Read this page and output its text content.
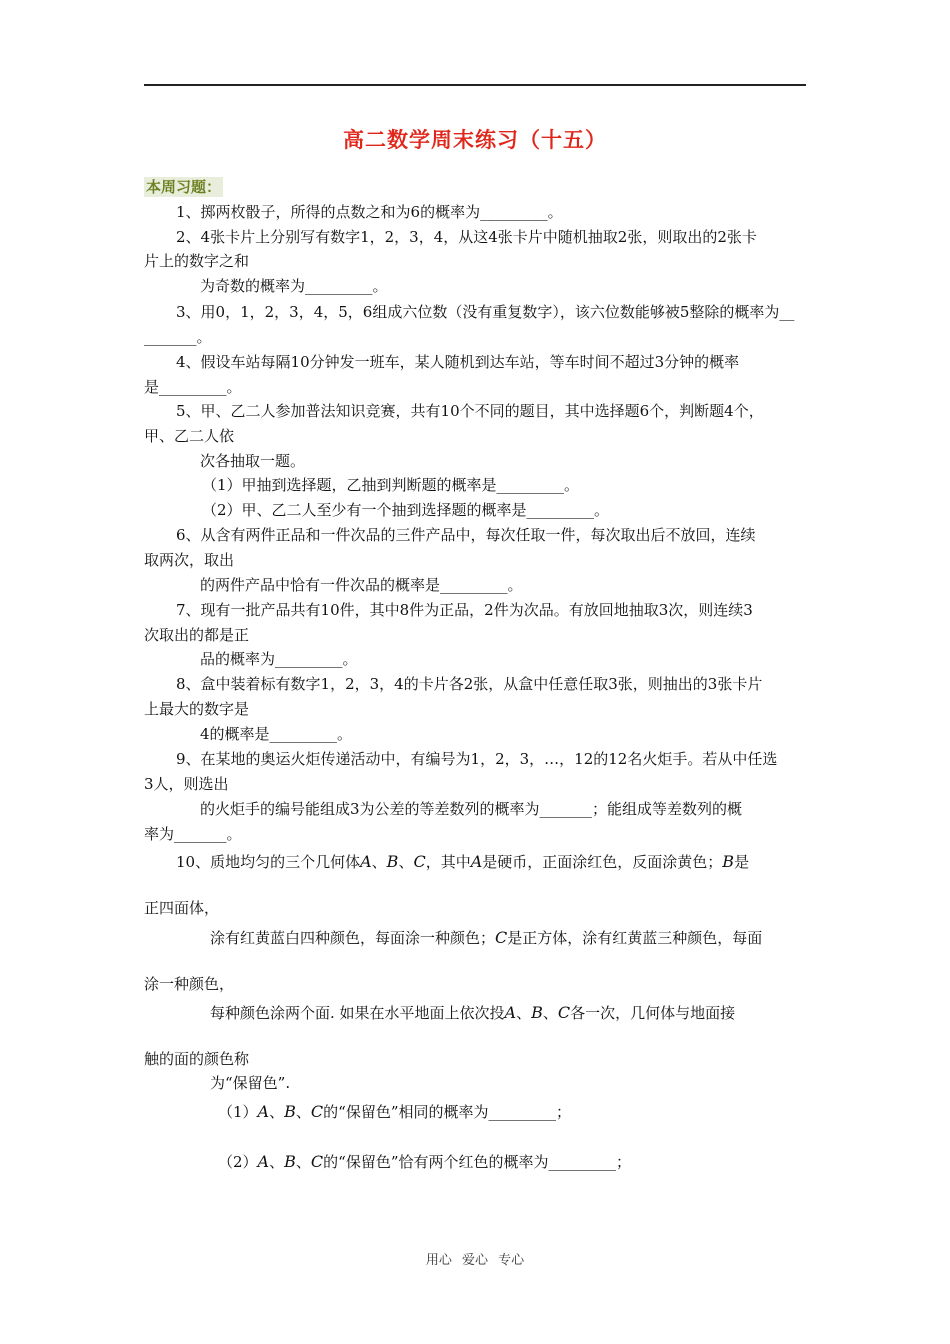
高二数学周末练习（十五）
本周习题：
1、掷两枚骰子，所得的点数之和为6的概率为_________。
2、4张卡片上分别写有数字1，2，3，4，从这4张卡片中随机抽取2张，则取出的2张卡
片上的数字之和
为奇数的概率为_________。
3、用0，1，2，3，4，5，6组成六位数（没有重复数字），该六位数能够被5整除的概率为__
_______。
4、假设车站每隔10分钟发一班车，某人随机到达车站，等车时间不超过3分钟的概率
是_________。
5、甲、乙二人参加普法知识竞赛，共有10个不同的题目，其中选择题6个，判断题4个，
甲、乙二人依
次各抽取一题。
（1）甲抽到选择题，乙抽到判断题的概率是_________。
（2）甲、乙二人至少有一个抽到选择题的概率是_________。
6、从含有两件正品和一件次品的三件产品中，每次任取一件，每次取出后不放回，连续
取两次，取出
的两件产品中恰有一件次品的概率是_________。
7、现有一批产品共有10件，其中8件为正品，2件为次品。有放回地抽取3次，则连续3
次取出的都是正
品的概率为_________。
8、盒中装着标有数字1，2，3，4的卡片各2张，从盒中任意任取3张，则抽出的3张卡片
上最大的数字是
4的概率是_________。
9、在某地的奥运火炬传递活动中，有编号为1，2，3，…，12的12名火炬手。若从中任选
3人，则选出
的火炬手的编号能组成3为公差的等差数列的概率为_______；能组成等差数列的概
率为_______。
10、质地均匀的三个几何体A、B、C，其中A是硬币，正面涂红色，反面涂黄色；B是
正四面体，
涂有红黄蓝白四种颜色，每面涂一种颜色；C是正方体，涂有红黄蓝三种颜色，每面
涂一种颜色，
每种颜色涂两个面. 如果在水平地面上依次投A、B、C各一次，几何体与地面接
触的面的颜色称
为“保留色”.
（1）A、B、C的“保留色”相同的概率为_________；
（2）A、B、C的“保留色”恰有两个红色的概率为_________；
用心 爱心 专心
